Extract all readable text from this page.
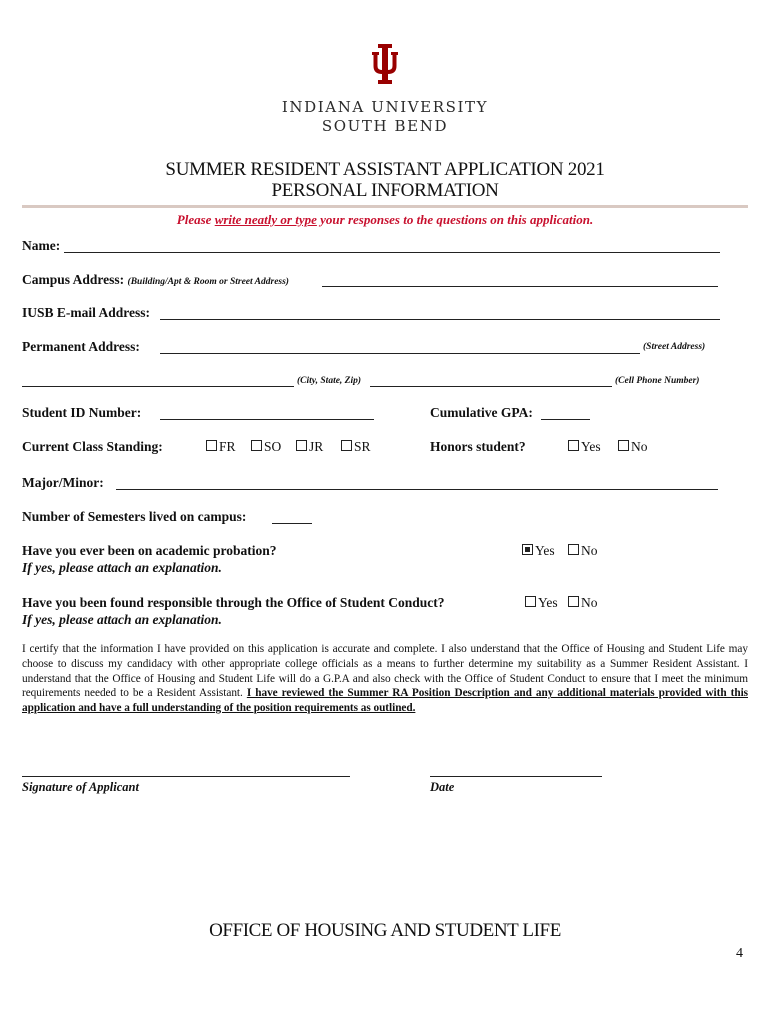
INDIANA UNIVERSITY
SOUTH BEND
SUMMER RESIDENT ASSISTANT APPLICATION 2021
PERSONAL INFORMATION
Please write neatly or type your responses to the questions on this application.
Name:
Campus Address: (Building/Apt & Room or Street Address)
IUSB E-mail Address:
Permanent Address:	(Street Address)
(City, State, Zip)	(Cell Phone Number)
Student ID Number:	Cumulative GPA:
Current Class Standing:	FR	SO	JR	SR	Honors student?	Yes	No
Major/Minor:
Number of Semesters lived on campus:
Have you ever been on academic probation?
If yes, please attach an explanation.
Yes	No
Have you been found responsible through the Office of Student Conduct?
If yes, please attach an explanation.
Yes	No
I certify that the information I have provided on this application is accurate and complete. I also understand that the Office of Housing and Student Life may choose to discuss my candidacy with other appropriate college officials as a means to further determine my suitability as a Summer Resident Assistant. I understand that the Office of Housing and Student Life will do a G.P.A and also check with the Office of Student Conduct to ensure that I meet the minimum requirements needed to be a Resident Assistant. I have reviewed the Summer RA Position Description and any additional materials provided with this application and have a full understanding of the position requirements as outlined.
Signature of Applicant	Date
OFFICE OF HOUSING AND STUDENT LIFE
4
